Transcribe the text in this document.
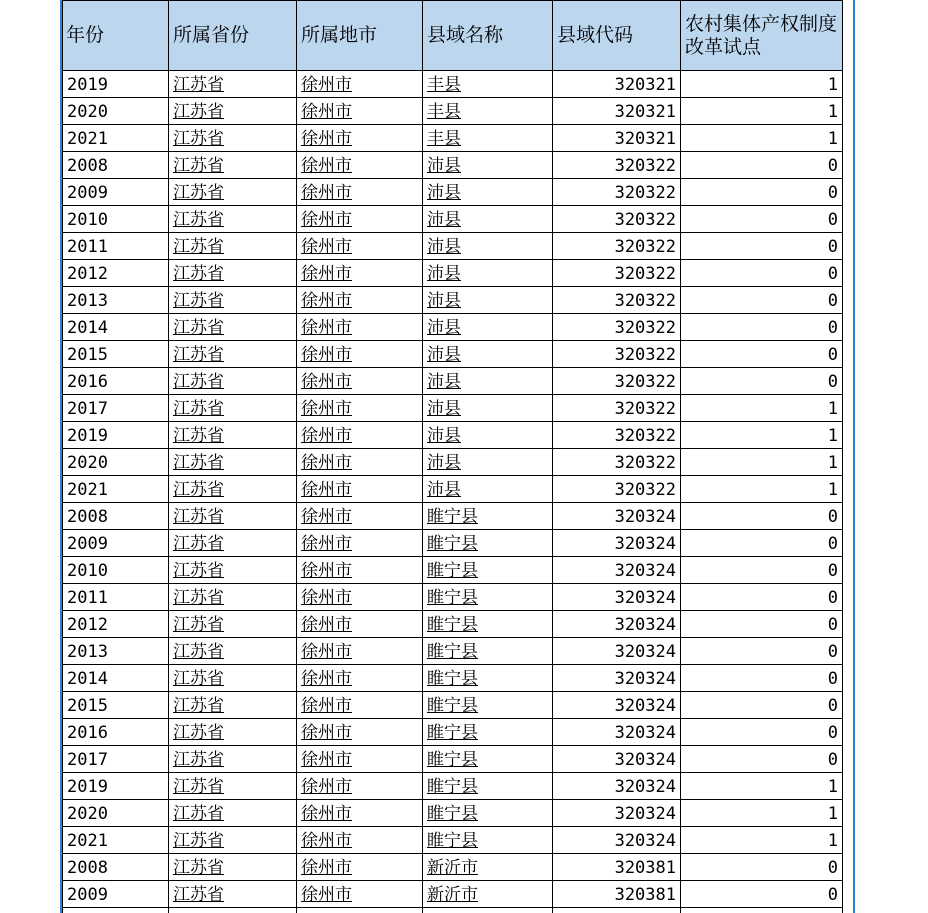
年份	所属省份	所属地市	县域名称	县域代码	农村集体产权制度改革试点
2019	江苏省	徐州市	丰县	320321	1
2020	江苏省	徐州市	丰县	320321	1
2021	江苏省	徐州市	丰县	320321	1
2008	江苏省	徐州市	沛县	320322	0
2009	江苏省	徐州市	沛县	320322	0
2010	江苏省	徐州市	沛县	320322	0
2011	江苏省	徐州市	沛县	320322	0
2012	江苏省	徐州市	沛县	320322	0
2013	江苏省	徐州市	沛县	320322	0
2014	江苏省	徐州市	沛县	320322	0
2015	江苏省	徐州市	沛县	320322	0
2016	江苏省	徐州市	沛县	320322	0
2017	江苏省	徐州市	沛县	320322	1
2019	江苏省	徐州市	沛县	320322	1
2020	江苏省	徐州市	沛县	320322	1
2021	江苏省	徐州市	沛县	320322	1
2008	江苏省	徐州市	睢宁县	320324	0
2009	江苏省	徐州市	睢宁县	320324	0
2010	江苏省	徐州市	睢宁县	320324	0
2011	江苏省	徐州市	睢宁县	320324	0
2012	江苏省	徐州市	睢宁县	320324	0
2013	江苏省	徐州市	睢宁县	320324	0
2014	江苏省	徐州市	睢宁县	320324	0
2015	江苏省	徐州市	睢宁县	320324	0
2016	江苏省	徐州市	睢宁县	320324	0
2017	江苏省	徐州市	睢宁县	320324	0
2019	江苏省	徐州市	睢宁县	320324	1
2020	江苏省	徐州市	睢宁县	320324	1
2021	江苏省	徐州市	睢宁县	320324	1
2008	江苏省	徐州市	新沂市	320381	0
2009	江苏省	徐州市	新沂市	320381	0
